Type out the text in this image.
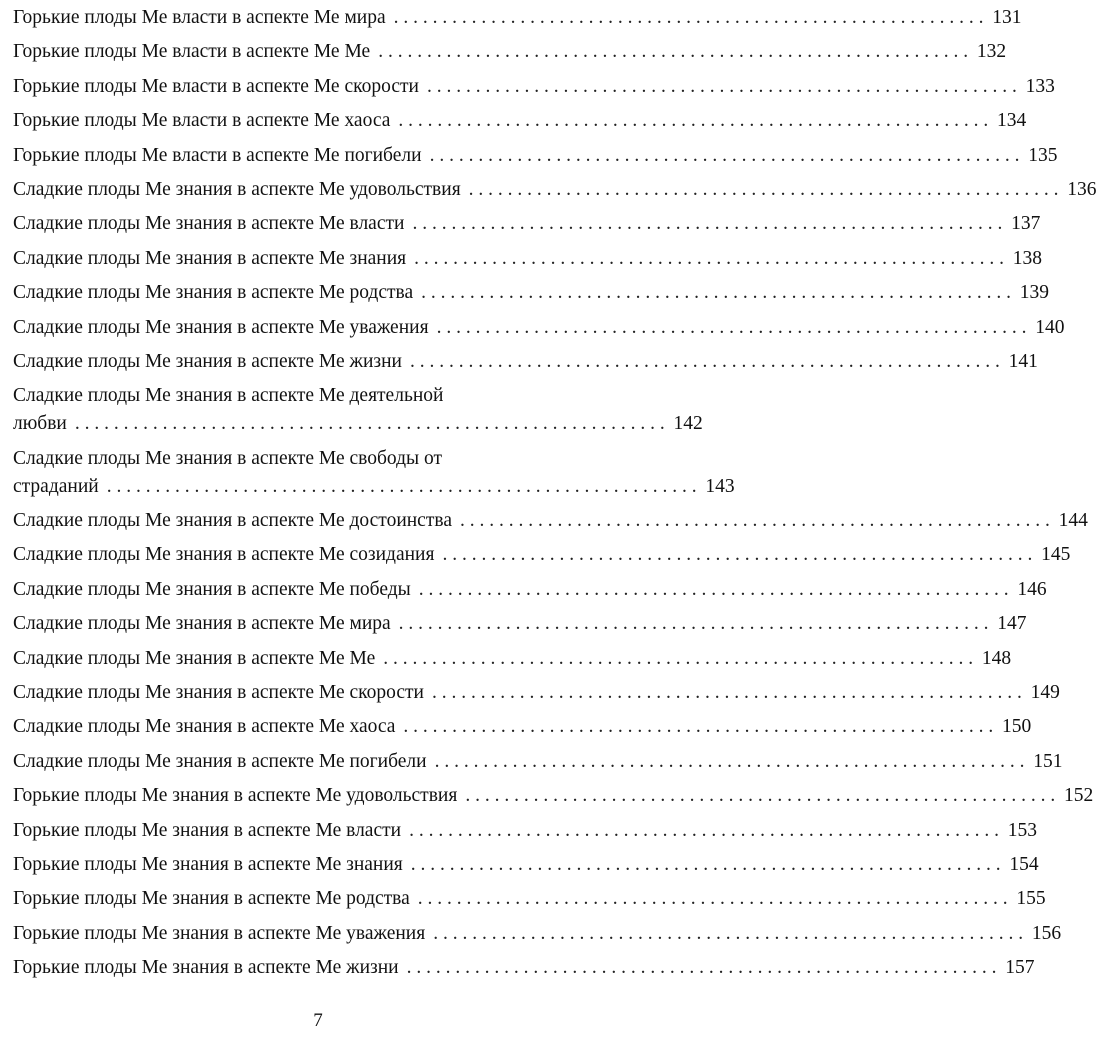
Горькие плоды Ме власти в аспекте Ме мира . . . . . . . . . . . . . . . . . . . . . . . . . . . . . . . . . . . . . . . . . . . . . . . . . . . . . . . . . . . . . 131
Горькие плоды Ме власти в аспекте Ме Ме . . . . . . . . . . . . . . . . . . . . . . . . . . . . . . . . . . . . . . . . . . . . . . . . . . . . . . . . . . . . . 132
Горькие плоды Ме власти в аспекте Ме скорости . . . . . . . . . . . . . . . . . . . . . . . . . . . . . . . . . . . . . . . . . . . . . . . . . . . . . . . . . . . . . 133
Горькие плоды Ме власти в аспекте Ме хаоса . . . . . . . . . . . . . . . . . . . . . . . . . . . . . . . . . . . . . . . . . . . . . . . . . . . . . . . . . . . . . 134
Горькие плоды Ме власти в аспекте Ме погибели . . . . . . . . . . . . . . . . . . . . . . . . . . . . . . . . . . . . . . . . . . . . . . . . . . . . . . . . . . . . . 135
Сладкие плоды Ме знания в аспекте Ме удовольствия . . . . . . . . . . . . . . . . . . . . . . . . . . . . . . . . . . . . . . . . . . . . . . . . . . . . . . . . . . . . . 136
Сладкие плоды Ме знания в аспекте Ме власти . . . . . . . . . . . . . . . . . . . . . . . . . . . . . . . . . . . . . . . . . . . . . . . . . . . . . . . . . . . . . 137
Сладкие плоды Ме знания в аспекте Ме знания . . . . . . . . . . . . . . . . . . . . . . . . . . . . . . . . . . . . . . . . . . . . . . . . . . . . . . . . . . . . . 138
Сладкие плоды Ме знания в аспекте Ме родства . . . . . . . . . . . . . . . . . . . . . . . . . . . . . . . . . . . . . . . . . . . . . . . . . . . . . . . . . . . . . 139
Сладкие плоды Ме знания в аспекте Ме уважения . . . . . . . . . . . . . . . . . . . . . . . . . . . . . . . . . . . . . . . . . . . . . . . . . . . . . . . . . . . . . 140
Сладкие плоды Ме знания в аспекте Ме жизни . . . . . . . . . . . . . . . . . . . . . . . . . . . . . . . . . . . . . . . . . . . . . . . . . . . . . . . . . . . . . 141
Сладкие плоды Ме знания в аспекте Ме деятельной
любви . . . . . . . . . . . . . . . . . . . . . . . . . . . . . . . . . . . . . . . . . . . . . . . . . . . . . . . . . . . . . 142
Сладкие плоды Ме знания в аспекте Ме свободы от
страданий . . . . . . . . . . . . . . . . . . . . . . . . . . . . . . . . . . . . . . . . . . . . . . . . . . . . . . . . . . . . . 143
Сладкие плоды Ме знания в аспекте Ме достоинства . . . . . . . . . . . . . . . . . . . . . . . . . . . . . . . . . . . . . . . . . . . . . . . . . . . . . . . . . . . . . 144
Сладкие плоды Ме знания в аспекте Ме созидания . . . . . . . . . . . . . . . . . . . . . . . . . . . . . . . . . . . . . . . . . . . . . . . . . . . . . . . . . . . . . 145
Сладкие плоды Ме знания в аспекте Ме победы . . . . . . . . . . . . . . . . . . . . . . . . . . . . . . . . . . . . . . . . . . . . . . . . . . . . . . . . . . . . . 146
Сладкие плоды Ме знания в аспекте Ме мира . . . . . . . . . . . . . . . . . . . . . . . . . . . . . . . . . . . . . . . . . . . . . . . . . . . . . . . . . . . . . 147
Сладкие плоды Ме знания в аспекте Ме Ме . . . . . . . . . . . . . . . . . . . . . . . . . . . . . . . . . . . . . . . . . . . . . . . . . . . . . . . . . . . . . 148
Сладкие плоды Ме знания в аспекте Ме скорости . . . . . . . . . . . . . . . . . . . . . . . . . . . . . . . . . . . . . . . . . . . . . . . . . . . . . . . . . . . . . 149
Сладкие плоды Ме знания в аспекте Ме хаоса . . . . . . . . . . . . . . . . . . . . . . . . . . . . . . . . . . . . . . . . . . . . . . . . . . . . . . . . . . . . . 150
Сладкие плоды Ме знания в аспекте Ме погибели . . . . . . . . . . . . . . . . . . . . . . . . . . . . . . . . . . . . . . . . . . . . . . . . . . . . . . . . . . . . . 151
Горькие плоды Ме знания в аспекте Ме удовольствия . . . . . . . . . . . . . . . . . . . . . . . . . . . . . . . . . . . . . . . . . . . . . . . . . . . . . . . . . . . . . 152
Горькие плоды Ме знания в аспекте Ме власти . . . . . . . . . . . . . . . . . . . . . . . . . . . . . . . . . . . . . . . . . . . . . . . . . . . . . . . . . . . . . 153
Горькие плоды Ме знания в аспекте Ме знания . . . . . . . . . . . . . . . . . . . . . . . . . . . . . . . . . . . . . . . . . . . . . . . . . . . . . . . . . . . . . 154
Горькие плоды Ме знания в аспекте Ме родства . . . . . . . . . . . . . . . . . . . . . . . . . . . . . . . . . . . . . . . . . . . . . . . . . . . . . . . . . . . . . 155
Горькие плоды Ме знания в аспекте Ме уважения . . . . . . . . . . . . . . . . . . . . . . . . . . . . . . . . . . . . . . . . . . . . . . . . . . . . . . . . . . . . . 156
Горькие плоды Ме знания в аспекте Ме жизни . . . . . . . . . . . . . . . . . . . . . . . . . . . . . . . . . . . . . . . . . . . . . . . . . . . . . . . . . . . . . 157
7
